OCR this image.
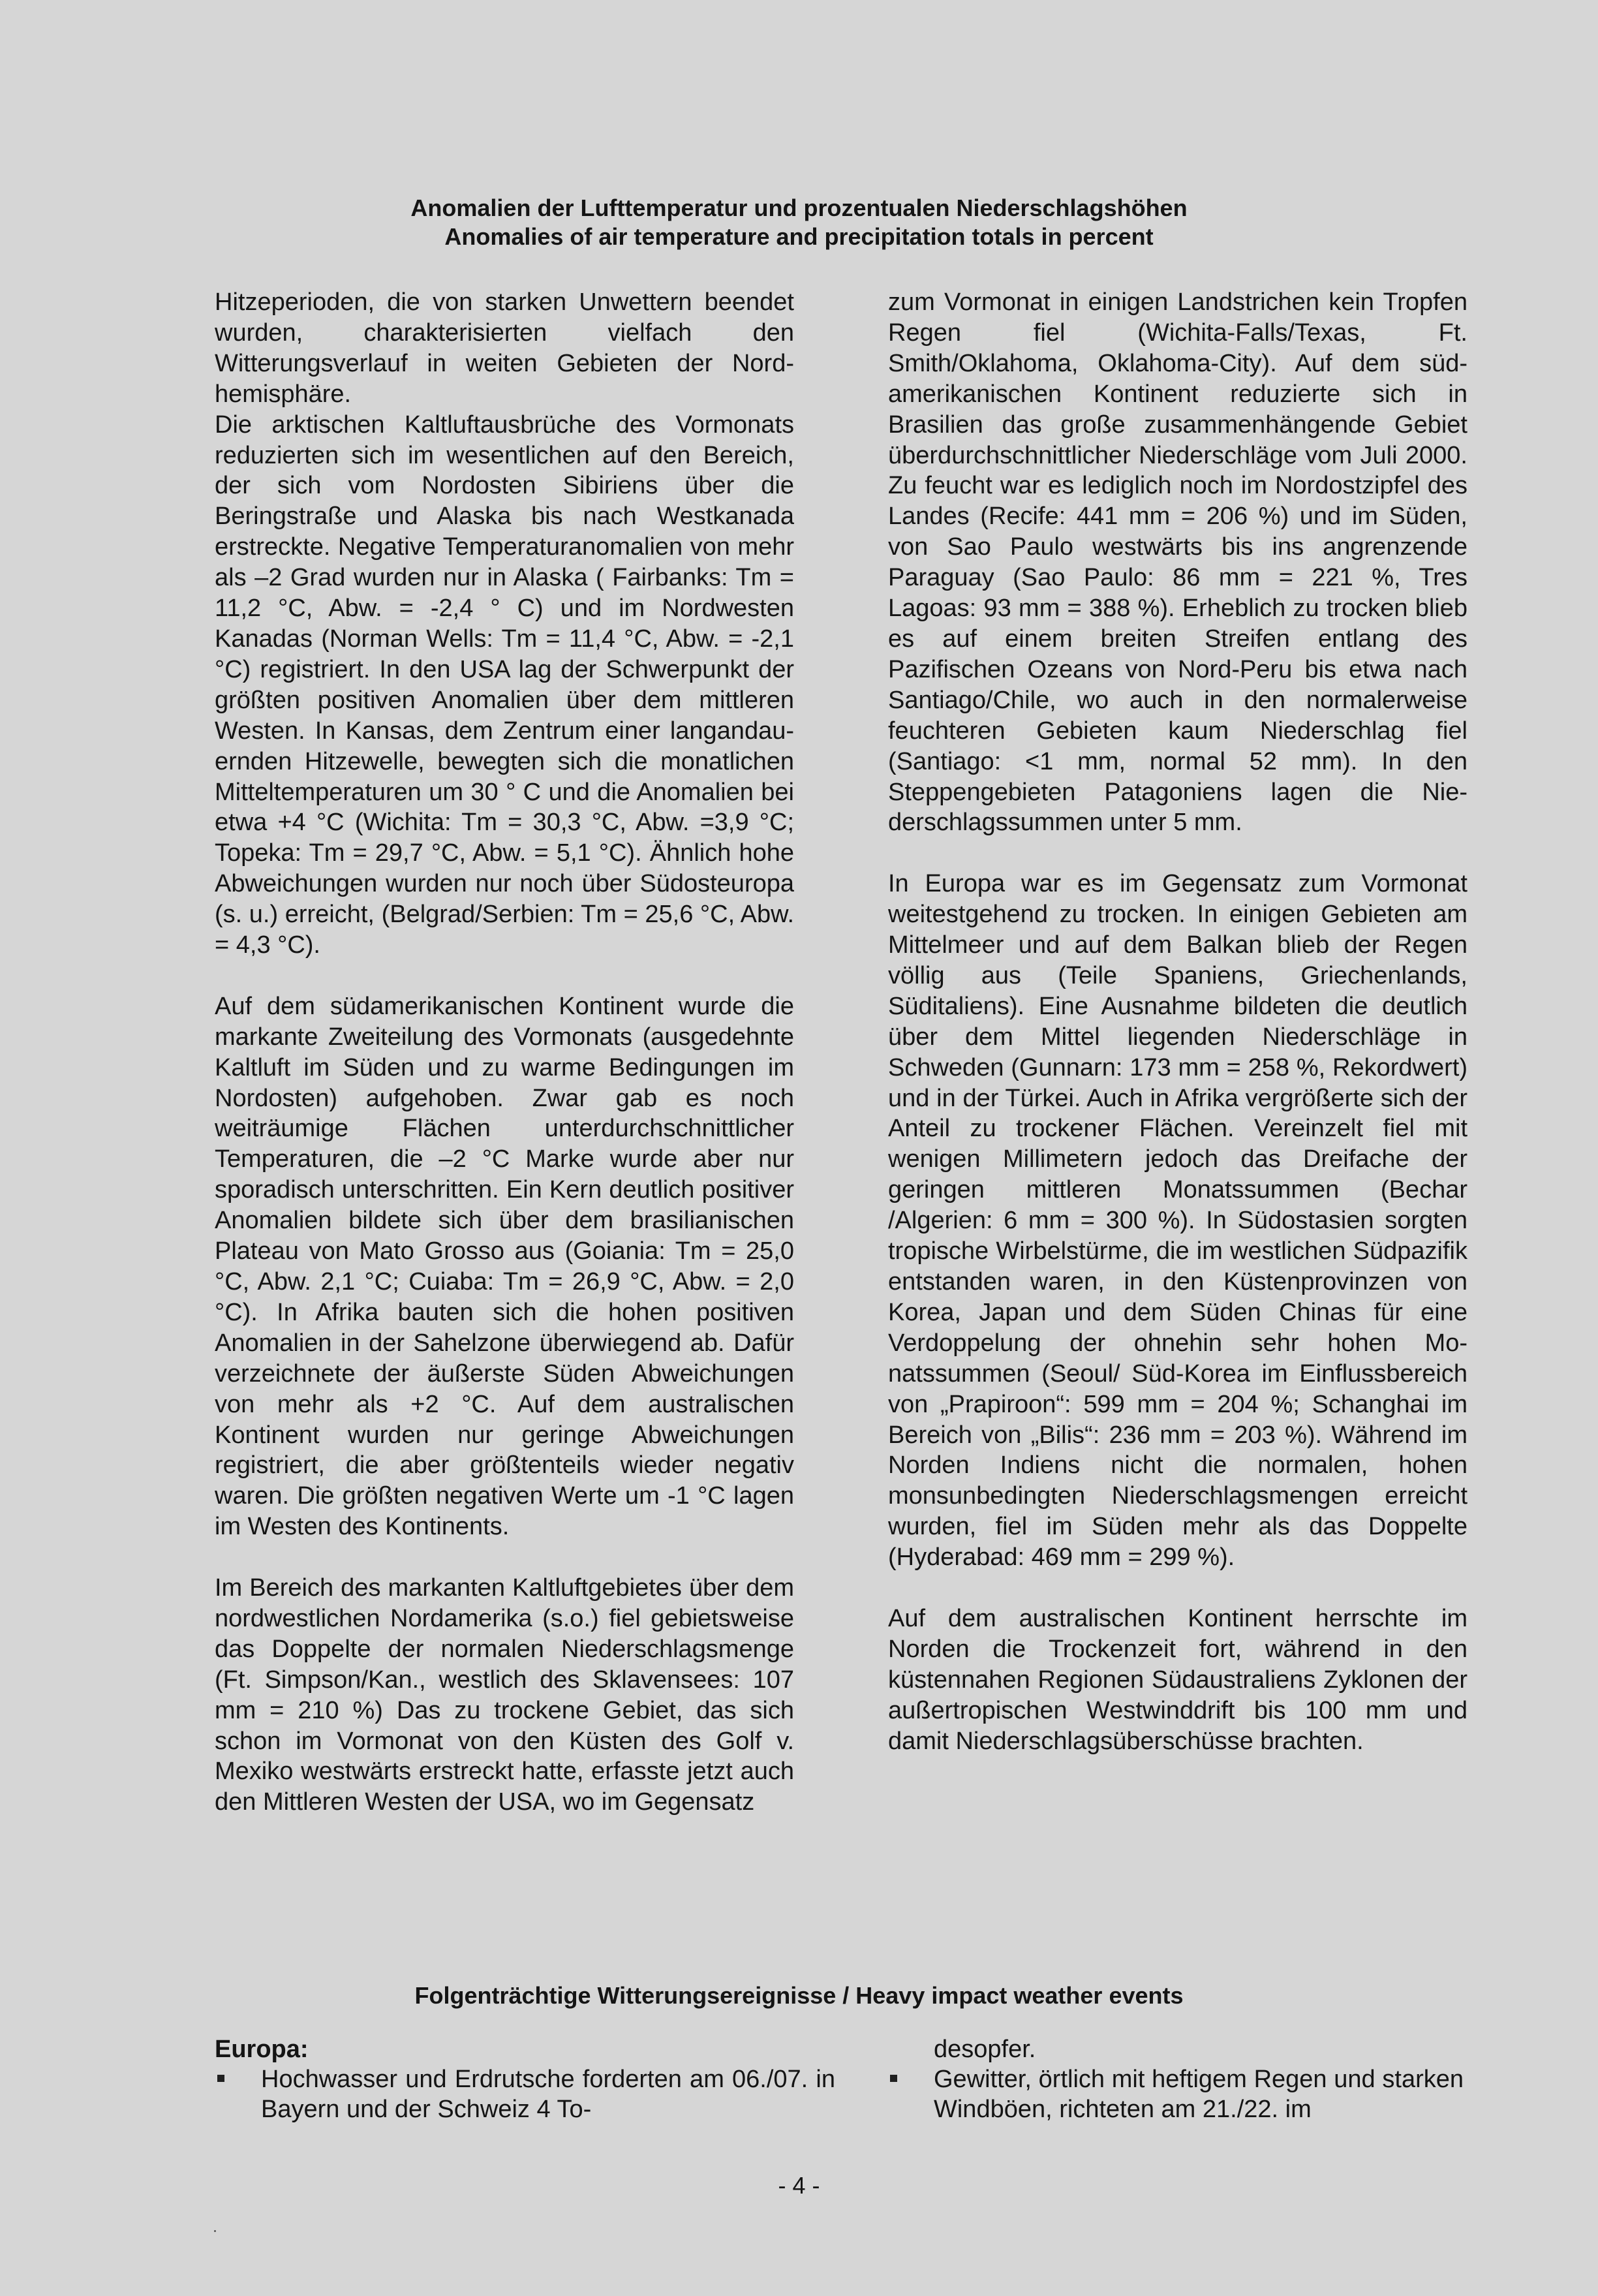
Anomalien der Lufttemperatur und prozentualen Niederschlagshöhen
Anomalies of air temperature and precipitation totals in percent

Hitzeperioden, die von starken Unwettern beendet wurden, charakterisierten vielfach den Witterungsverlauf in weiten Gebieten der Nordhemisphäre.

Die arktischen Kaltluftausbrüche des Vormonats reduzierten sich im wesentlichen auf den Bereich, der sich vom Nordosten Sibiriens über die Beringstraße und Alaska bis nach Westkanada erstreckte. Negative Temperaturanomalien von mehr als –2 Grad wurden nur in Alaska ( Fairbanks: Tm = 11,2 °C, Abw. = -2,4 ° C) und im Nordwesten Kanadas (Norman Wells: Tm = 11,4 °C, Abw. = -2,1 °C) registriert. In den USA lag der Schwerpunkt der größten positiven Anomalien über dem mittleren Westen. In Kansas, dem Zentrum einer langandauernden Hitzewelle, bewegten sich die monatlichen Mitteltemperaturen um 30 ° C und die Anomalien bei etwa +4 °C (Wichita: Tm = 30,3 °C, Abw. =3,9 °C; Topeka: Tm = 29,7 °C, Abw. = 5,1 °C). Ähnlich hohe Abweichungen wurden nur noch über Südosteuropa (s. u.) erreicht, (Belgrad/Serbien: Tm = 25,6 °C, Abw. = 4,3 °C).

Auf dem südamerikanischen Kontinent wurde die markante Zweiteilung des Vormonats (ausgedehnte Kaltluft im Süden und zu warme Bedingungen im Nordosten) aufgehoben. Zwar gab es noch weiträumige Flächen unterdurchschnittlicher Temperaturen, die –2 °C Marke wurde aber nur sporadisch unterschritten. Ein Kern deutlich positiver Anomalien bildete sich über dem brasilianischen Plateau von Mato Grosso aus (Goiania: Tm = 25,0 °C, Abw. 2,1 °C; Cuiaba: Tm = 26,9 °C, Abw. = 2,0 °C). In Afrika bauten sich die hohen positiven Anomalien in der Sahelzone überwiegend ab. Dafür verzeichnete der äußerste Süden Abweichungen von mehr als +2 °C. Auf dem australischen Kontinent wurden nur geringe Abweichungen registriert, die aber größtenteils wieder negativ waren. Die größten negativen Werte um -1 °C lagen im Westen des Kontinents.

Im Bereich des markanten Kaltluftgebietes über dem nordwestlichen Nordamerika (s.o.) fiel gebietsweise das Doppelte der normalen Niederschlagsmenge (Ft. Simpson/Kan., westlich des Sklavensees: 107 mm = 210 %) Das zu trockene Gebiet, das sich schon im Vormonat von den Küsten des Golf v. Mexiko westwärts erstreckt hatte, erfasste jetzt auch den Mittleren Westen der USA, wo im Gegensatz

zum Vormonat in einigen Landstrichen kein Tropfen Regen fiel (Wichita-Falls/Texas, Ft. Smith/Oklahoma, Oklahoma-City). Auf dem südamerikanischen Kontinent reduzierte sich in Brasilien das große zusammenhängende Gebiet überdurchschnittlicher Niederschläge vom Juli 2000. Zu feucht war es lediglich noch im Nordostzipfel des Landes (Recife: 441 mm = 206 %) und im Süden, von Sao Paulo westwärts bis ins angrenzende Paraguay (Sao Paulo: 86 mm = 221 %, Tres Lagoas: 93 mm = 388 %). Erheblich zu trocken blieb es auf einem breiten Streifen entlang des Pazifischen Ozeans von Nord-Peru bis etwa nach Santiago/Chile, wo auch in den normalerweise feuchteren Gebieten kaum Niederschlag fiel (Santiago: <1 mm, normal 52 mm). In den Steppengebieten Patagoniens lagen die Niederschlagssummen unter 5 mm.

In Europa war es im Gegensatz zum Vormonat weitestgehend zu trocken. In einigen Gebieten am Mittelmeer und auf dem Balkan blieb der Regen völlig aus (Teile Spaniens, Griechenlands, Süditaliens). Eine Ausnahme bildeten die deutlich über dem Mittel liegenden Niederschläge in Schweden (Gunnarn: 173 mm = 258 %, Rekordwert) und in der Türkei. Auch in Afrika vergrößerte sich der Anteil zu trockener Flächen. Vereinzelt fiel mit wenigen Millimetern jedoch das Dreifache der geringen mittleren Monatssummen (Bechar /Algerien: 6 mm = 300 %). In Südostasien sorgten tropische Wirbelstürme, die im westlichen Südpazifik entstanden waren, in den Küstenprovinzen von Korea, Japan und dem Süden Chinas für eine Verdoppelung der ohnehin sehr hohen Monatssummen (Seoul/ Süd-Korea im Einflussbereich von „Prapiroon“: 599 mm = 204 %; Schanghai im Bereich von „Bilis“: 236 mm = 203 %). Während im Norden Indiens nicht die normalen, hohen monsunbedingten Niederschlagsmengen erreicht wurden, fiel im Süden mehr als das Doppelte (Hyderabad: 469 mm = 299 %).

Auf dem australischen Kontinent herrschte im Norden die Trockenzeit fort, während in den küstennahen Regionen Südaustraliens Zyklonen der außertropischen Westwinddrift bis 100 mm und damit Niederschlagsüberschüsse brachten.

Folgenträchtige Witterungsereignisse / Heavy impact weather events
Europa:
Hochwasser und Erdrutsche forderten am 06./07. in Bayern und der Schweiz 4 To-
desopfer.
Gewitter, örtlich mit heftigem Regen und starken Windböen, richteten am 21./22. im
- 4 -
